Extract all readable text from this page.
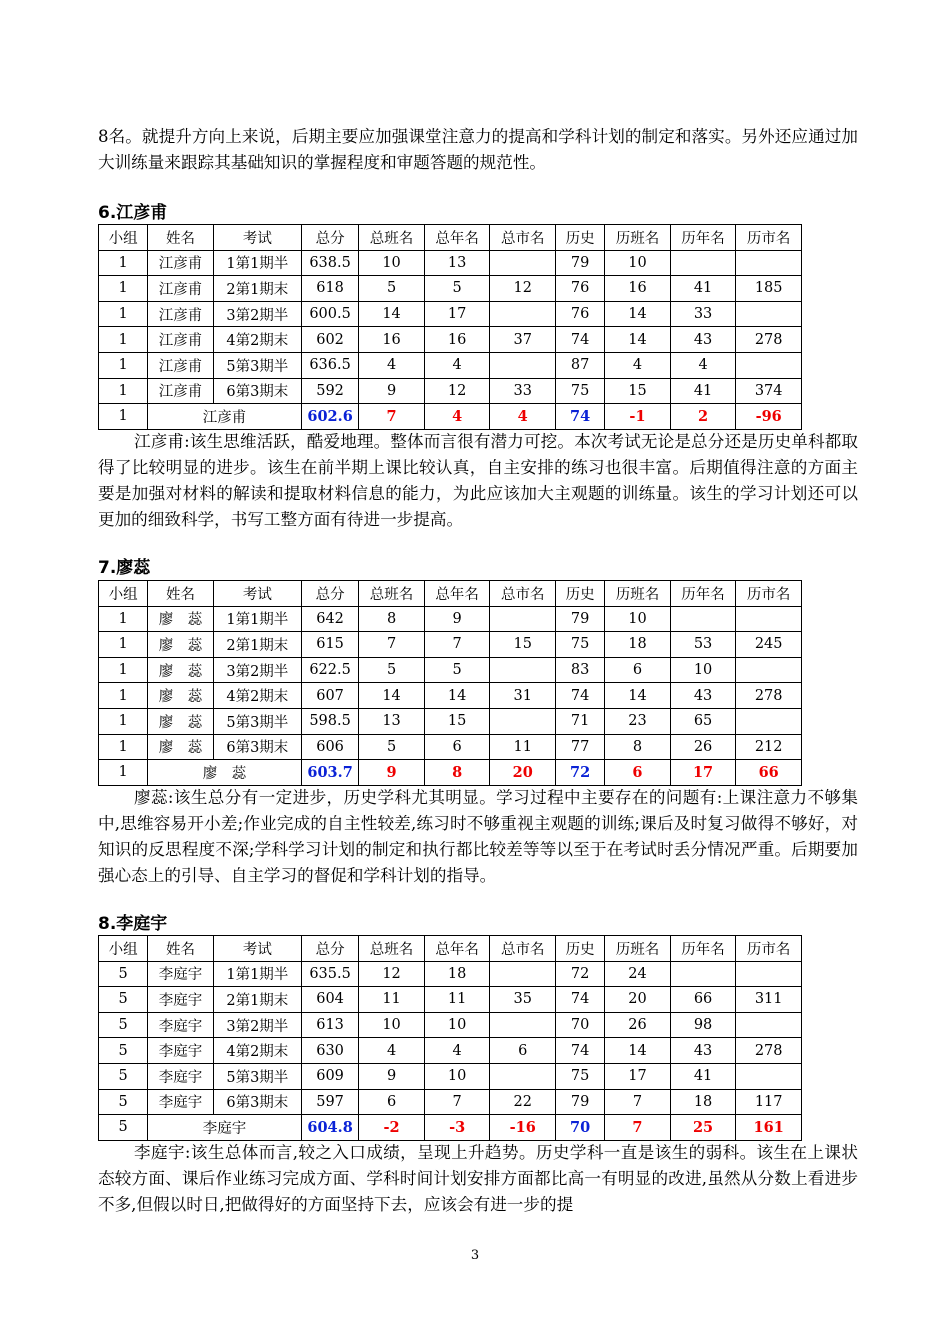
8名。就提升方向上来说，后期主要应加强课堂注意力的提高和学科计划的制定和落实。另外还应通过加大训练量来跟踪其基础知识的掌握程度和审题答题的规范性。

6.江彦甫
小组	姓名	考试	总分	总班名	总年名	总市名	历史	历班名	历年名	历市名
1	江彦甫	1第1期半	638.5	10	13		79	10		
1	江彦甫	2第1期末	618	5	5	12	76	16	41	185
1	江彦甫	3第2期半	600.5	14	17		76	14	33	
1	江彦甫	4第2期末	602	16	16	37	74	14	43	278
1	江彦甫	5第3期半	636.5	4	4		87	4	4	
1	江彦甫	6第3期末	592	9	12	33	75	15	41	374
1	江彦甫		602.6	7	4	4	74	-1	2	-96

江彦甫:该生思维活跃，酷爱地理。整体而言很有潜力可挖。本次考试无论是总分还是历史单科都取得了比较明显的进步。该生在前半期上课比较认真，自主安排的练习也很丰富。后期值得注意的方面主要是加强对材料的解读和提取材料信息的能力，为此应该加大主观题的训练量。该生的学习计划还可以更加的细致科学，书写工整方面有待进一步提高。

7.廖蕊
小组	姓名	考试	总分	总班名	总年名	总市名	历史	历班名	历年名	历市名
1	廖　蕊	1第1期半	642	8	9		79	10		
1	廖　蕊	2第1期末	615	7	7	15	75	18	53	245
1	廖　蕊	3第2期半	622.5	5	5		83	6	10	
1	廖　蕊	4第2期末	607	14	14	31	74	14	43	278
1	廖　蕊	5第3期半	598.5	13	15		71	23	65	
1	廖　蕊	6第3期末	606	5	6	11	77	8	26	212
1	廖　蕊		603.7	9	8	20	72	6	17	66

廖蕊:该生总分有一定进步，历史学科尤其明显。学习过程中主要存在的问题有:上课注意力不够集中,思维容易开小差;作业完成的自主性较差,练习时不够重视主观题的训练;课后及时复习做得不够好，对知识的反思程度不深;学科学习计划的制定和执行都比较差等等以至于在考试时丢分情况严重。后期要加强心态上的引导、自主学习的督促和学科计划的指导。

8.李庭宇
小组	姓名	考试	总分	总班名	总年名	总市名	历史	历班名	历年名	历市名
5	李庭宇	1第1期半	635.5	12	18		72	24		
5	李庭宇	2第1期末	604	11	11	35	74	20	66	311
5	李庭宇	3第2期半	613	10	10		70	26	98	
5	李庭宇	4第2期末	630	4	4	6	74	14	43	278
5	李庭宇	5第3期半	609	9	10		75	17	41	
5	李庭宇	6第3期末	597	6	7	22	79	7	18	117
5	李庭宇		604.8	-2	-3	-16	70	7	25	161

李庭宇:该生总体而言,较之入口成绩，呈现上升趋势。历史学科一直是该生的弱科。该生在上课状态较方面、课后作业练习完成方面、学科时间计划安排方面都比高一有明显的改进,虽然从分数上看进步不多,但假以时日,把做得好的方面坚持下去，应该会有进一步的提

3
